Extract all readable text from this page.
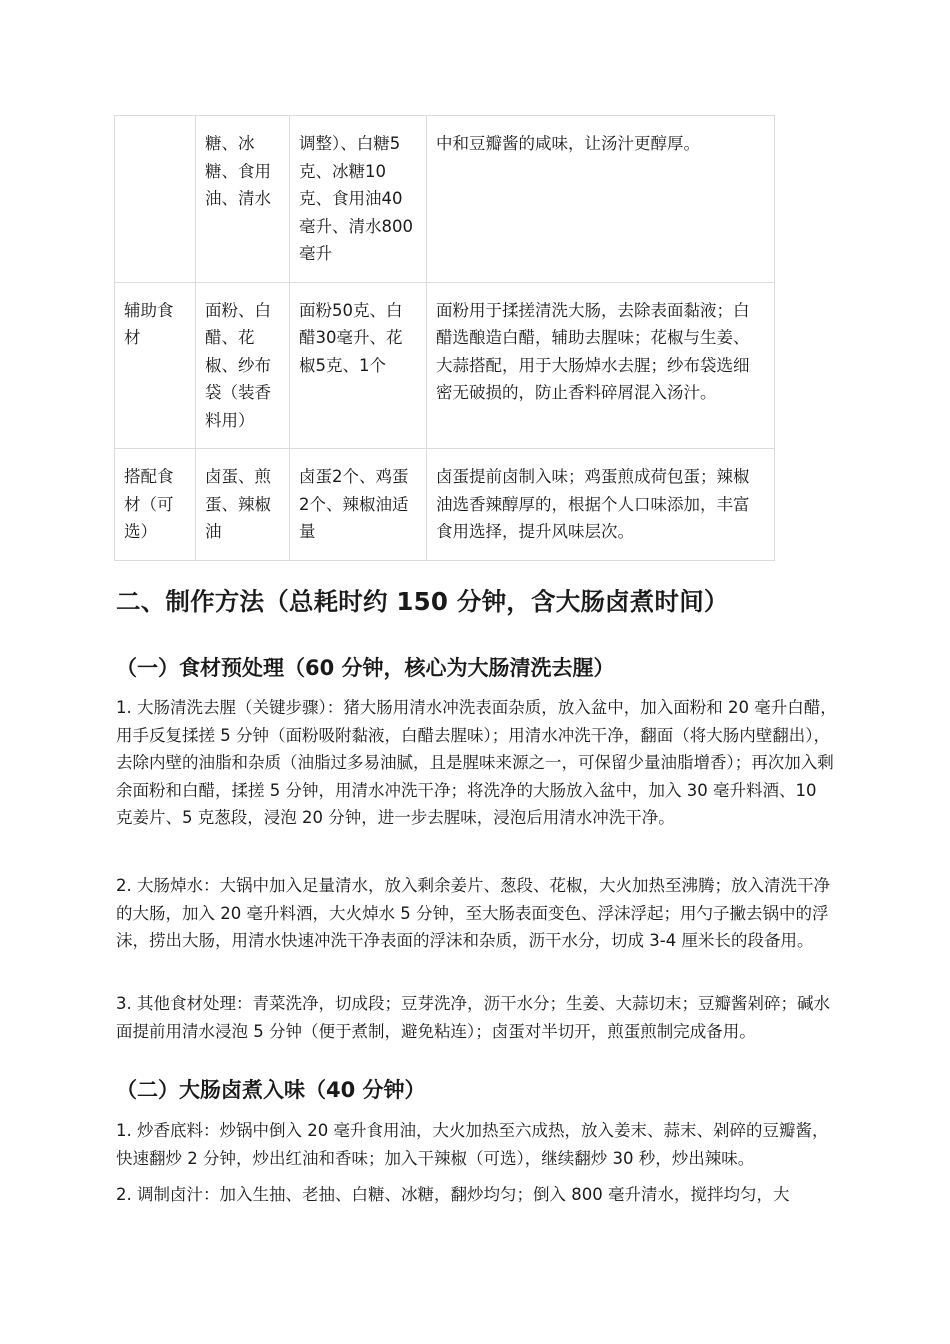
	糖、冰糖、食用油、清水	调整）、白糖5克、冰糖10克、食用油40毫升、清水800毫升	中和豆瓣酱的咸味，让汤汁更醇厚。

辅助食材	面粉、白醋、花椒、纱布袋（装香料用）	面粉50克、白醋30毫升、花椒5克、1个	面粉用于揉搓清洗大肠，去除表面黏液；白醋选酿造白醋，辅助去腥味；花椒与生姜、大蒜搭配，用于大肠焯水去腥；纱布袋选细密无破损的，防止香料碎屑混入汤汁。

搭配食材（可选）	卤蛋、煎蛋、辣椒油	卤蛋2个、鸡蛋2个、辣椒油适量	卤蛋提前卤制入味；鸡蛋煎成荷包蛋；辣椒油选香辣醇厚的，根据个人口味添加，丰富食用选择，提升风味层次。
二、制作方法（总耗时约 150 分钟，含大肠卤煮时间）
（一）食材预处理（60 分钟，核心为大肠清洗去腥）

1. 大肠清洗去腥（关键步骤）：猪大肠用清水冲洗表面杂质，放入盆中，加入面粉和 20 毫升白醋，用手反复揉搓 5 分钟（面粉吸附黏液，白醋去腥味）；用清水冲洗干净，翻面（将大肠内壁翻出），去除内壁的油脂和杂质（油脂过多易油腻，且是腥味来源之一，可保留少量油脂增香）；再次加入剩余面粉和白醋，揉搓 5 分钟，用清水冲洗干净；将洗净的大肠放入盆中，加入 30 毫升料酒、10 克姜片、5 克葱段，浸泡 20 分钟，进一步去腥味，浸泡后用清水冲洗干净。

2. 大肠焯水：大锅中加入足量清水，放入剩余姜片、葱段、花椒，大火加热至沸腾；放入清洗干净的大肠，加入 20 毫升料酒，大火焯水 5 分钟，至大肠表面变色、浮沫浮起；用勺子撇去锅中的浮沫，捞出大肠，用清水快速冲洗干净表面的浮沫和杂质，沥干水分，切成 3-4 厘米长的段备用。

3. 其他食材处理：青菜洗净，切成段；豆芽洗净，沥干水分；生姜、大蒜切末；豆瓣酱剁碎；碱水面提前用清水浸泡 5 分钟（便于煮制，避免粘连）；卤蛋对半切开，煎蛋煎制完成备用。

（二）大肠卤煮入味（40 分钟）

1. 炒香底料：炒锅中倒入 20 毫升食用油，大火加热至六成热，放入姜末、蒜末、剁碎的豆瓣酱，快速翻炒 2 分钟，炒出红油和香味；加入干辣椒（可选），继续翻炒 30 秒，炒出辣味。

2. 调制卤汁：加入生抽、老抽、白糖、冰糖，翻炒均匀；倒入 800 毫升清水，搅拌均匀，大
